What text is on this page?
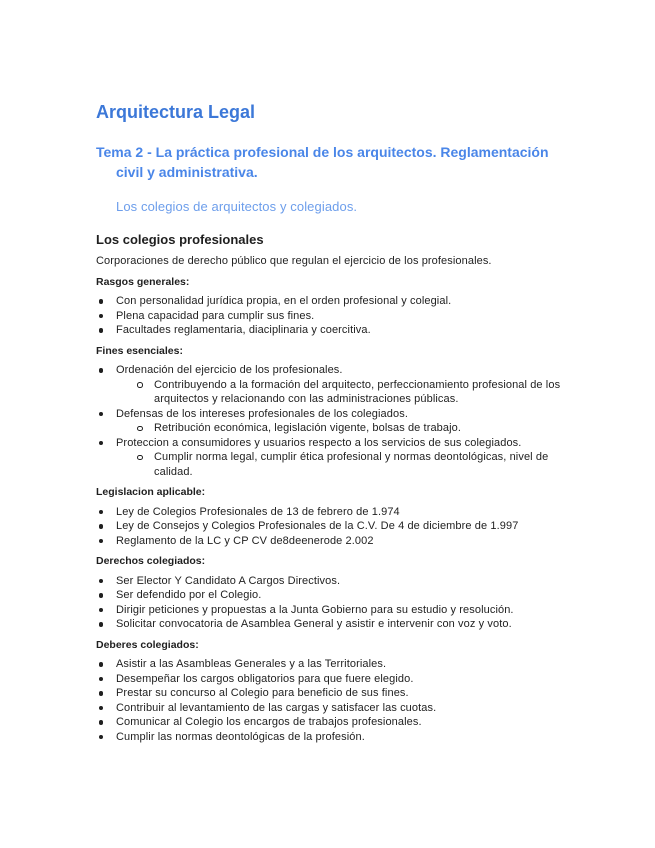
Arquitectura Legal
Tema 2 - La práctica profesional de los arquitectos. Reglamentación civil y administrativa.
Los colegios de arquitectos y colegiados.
Los colegios profesionales
Corporaciones de derecho público que regulan el ejercicio de los profesionales.
Rasgos generales:
Con personalidad jurídica propia, en el orden profesional y colegial.
Plena capacidad para cumplir sus fines.
Facultades reglamentaria, diaciplinaria y coercitiva.
Fines esenciales:
Ordenación del ejercicio de los profesionales.
Contribuyendo a la formación del arquitecto, perfeccionamiento profesional de los arquitectos y relacionando con las administraciones públicas.
Defensas de los intereses profesionales de los colegiados.
Retribución económica, legislación vigente, bolsas de trabajo.
Proteccion a consumidores y usuarios respecto a los servicios de sus colegiados.
Cumplir norma legal, cumplir ética profesional y normas deontológicas, nivel de calidad.
Legislacion aplicable:
Ley de Colegios Profesionales de 13 de febrero de 1.974
Ley de Consejos y Colegios Profesionales de la C.V. De 4 de diciembre de 1.997
Reglamento de la LC y CP CV de8deenerode 2.002
Derechos colegiados:
Ser Elector Y Candidato A Cargos Directivos.
Ser defendido por el Colegio.
Dirigir peticiones y propuestas a la Junta Gobierno para su estudio y resolución.
Solicitar convocatoria de Asamblea General y asistir e intervenir con voz y voto.
Deberes colegiados:
Asistir a las Asambleas Generales y a las Territoriales.
Desempeñar los cargos obligatorios para que fuere elegido.
Prestar su concurso al Colegio para beneficio de sus fines.
Contribuir al levantamiento de las cargas y satisfacer las cuotas.
Comunicar al Colegio los encargos de trabajos profesionales.
Cumplir las normas deontológicas de la profesión.
